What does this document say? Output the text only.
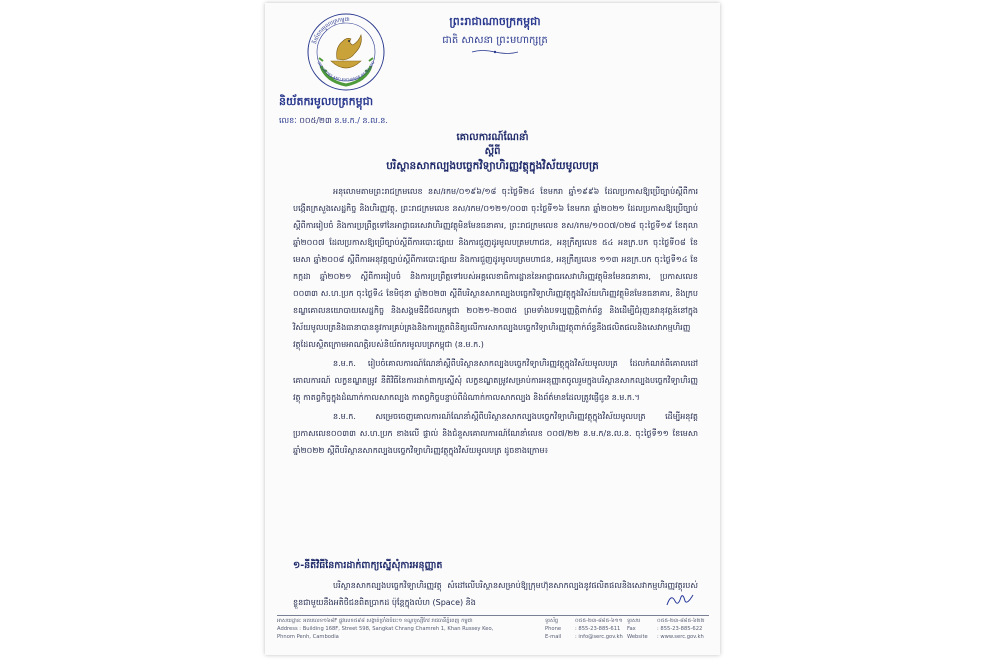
និយ័តករមូលបត្រកម្ពុជា
SECURITIES AND EXCHANGE REGULATO
និយ័តករមូលបត្រកម្ពុជា
លេខៈ ០០៥/២៣ ន.ម.ក./ ន.ល.ន.
ព្រះរាជាណាចក្រកម្ពុជា
ជាតិ សាសនា ព្រះមហាក្សត្រ
គោលការណ៍ណែនាំ
ស្តីពី
បរិស្ថានសាកល្បងបច្ចេកវិទ្យាហិរញ្ញវត្ថុក្នុងវិស័យមូលបត្រ

អនុលោមតាមព្រះរាជក្រមលេខ នស/រកម/០១៩៦/១៨ ចុះថ្ងៃទី២៤ ខែមករា ឆ្នាំ១៩៩៦ ដែលប្រកាសឱ្យប្រើច្បាប់ស្តីពីការបង្កើតក្រសួងសេដ្ឋកិច្ច និងហិរញ្ញវត្ថុ, ព្រះរាជក្រមលេខ នស/រកម/០១២១/០០៣ ចុះថ្ងៃទី១៦ ខែមករា ឆ្នាំ២០២១ ដែលប្រកាសឱ្យប្រើច្បាប់ស្តីពីការរៀបចំ និងការប្រព្រឹត្តទៅនៃអាជ្ញាធរសេវាហិរញ្ញវត្ថុមិនមែនធនាគារ, ព្រះរាជក្រមលេខ នស/រកម/១០០៧/០២៨ ចុះថ្ងៃទី១៩ ខែតុលា ឆ្នាំ២០០៧ ដែលប្រកាសឱ្យប្រើច្បាប់ស្តីពីការបោះផ្សាយ និងការជួញដូរមូលបត្រមហាជន, អនុក្រឹត្យលេខ ៥៤ អនក្រ.បក ចុះថ្ងៃទី០៨ ខែមេសា ឆ្នាំ២០០៨ ស្តីពីការអនុវត្តច្បាប់ស្តីពីការបោះផ្សាយ និងការជួញដូរមូលបត្រមហាជន, អនុក្រឹត្យលេខ ១១៣ អនក្រ.បក ចុះថ្ងៃទី១៤ ខែកក្កដា ឆ្នាំ២០២១ ស្តីពីការរៀបចំ និងការប្រព្រឹត្តទៅរបស់អគ្គលេខាធិការដ្ឋាននៃអាជ្ញាធរសេវាហិរញ្ញវត្ថុមិនមែនធនាគារ, ប្រកាសលេខ ០០៣៣ ស.ហ.ប្រក ចុះថ្ងៃទី៤ ខែមិថុនា ឆ្នាំ២០២៣ ស្តីពីបរិស្ថានសាកល្បងបច្ចេកវិទ្យាហិរញ្ញវត្ថុក្នុងវិស័យហិរញ្ញវត្ថុមិនមែនធនាគារ, និងក្របខណ្ឌគោលនយោបាយសេដ្ឋកិច្ច និងសង្គមឌីជីថលកម្ពុជា ២០២១-២០៣៥ ព្រមទាំងបទប្បញ្ញត្តិពាក់ព័ន្ធ និងដើម្បីជំរុញនវានុវត្តន៍នៅក្នុងវិស័យមូលបត្រនិងធានាបាននូវការគ្រប់គ្រងនិងការត្រួតពិនិត្យលើការសាកល្បងបច្ចេកវិទ្យាហិរញ្ញវត្ថុពាក់ព័ន្ធនឹងផលិតផលនិងសេវាកម្មហិរញ្ញវត្ថុដែលស្ថិតក្រោមអាណត្តិរបស់និយ័តករមូលបត្រកម្ពុជា (ន.ម.ក.)

ន.ម.ក. រៀបចំគោលការណ៍ណែនាំស្តីពីបរិស្ថានសាកល្បងបច្ចេកវិទ្យាហិរញ្ញវត្ថុក្នុងវិស័យមូលបត្រ ដែលកំណត់ពីគោលដៅ គោលការណ៍ លក្ខខណ្ឌតម្រូវ នីតិវិធីនៃការដាក់ពាក្យស្នើសុំ លក្ខខណ្ឌតម្រូវសម្រាប់ការអនុញ្ញាតចូលរួមក្នុងបរិស្ថានសាកល្បងបច្ចេកវិទ្យាហិរញ្ញវត្ថុ កាតព្វកិច្ចក្នុងដំណាក់កាលសាកល្បង កាតព្វកិច្ចបន្ទាប់ពីដំណាក់កាលសាកល្បង និងព័ត៌មានដែលត្រូវផ្ញើជូន ន.ម.ក.។

ន.ម.ក. សម្រេចចេញគោលការណ៍ណែនាំស្តីពីបរិស្ថានសាកល្បងបច្ចេកវិទ្យាហិរញ្ញវត្ថុក្នុងវិស័យមូលបត្រ ដើម្បីអនុវត្តប្រកាសលេខ០០៣៣ ស.ហ.ប្រក ខាងលើ ផ្ទាល់ និងជំនួសគោលការណ៍ណែនាំលេខ ០០៧/២២ ន.ម.ក/ន.ល.ន. ចុះថ្ងៃទី១១ ខែមេសា ឆ្នាំ២០២២ ស្តីពីបរិស្ថានសាកល្បងបច្ចេកវិទ្យាហិរញ្ញវត្ថុក្នុងវិស័យមូលបត្រ ដូចខាងក្រោម៖

១-នីតិវិធីនៃការដាក់ពាក្យស្នើសុំការអនុញ្ញាត
បរិស្ថានសាកល្បងបច្ចេកវិទ្យាហិរញ្ញវត្ថុ សំដៅលើបរិស្ថានសម្រាប់ឱ្យក្រុមហ៊ុនសាកល្បងនូវផលិតផលនិងសេវាកម្មហិរញ្ញវត្ថុរបស់ខ្លួនជាមួយនឹងអតិថិជនពិតប្រាកដ ប៉ុន្តែក្នុងលំហ (Space) និង
អាសយដ្ឋានៈ អគារលេខ១៦៨F ផ្លូវលេខ៥៩៨ សង្កាត់ច្រាំងចំរេះ១ ខណ្ឌឫស្សីកែវ រាជធានីភ្នំពេញ កម្ពុជា
Address : Building 168F, Street 598, Sangkat Chrang Chamreh 1, Khan Russey Keo,
Phnom Penh, Cambodia
ទូរស័ព្ទ	០៥៥-២៣-៨៨៥-៦១១ ទូរសារ	០៥៥-២៣-៨៨៥-៦២២
Phone	: 855-23-885-611	Fax	: 855-23-885-622
E-mail	: info@serc.gov.kh Website	: www.serc.gov.kh
